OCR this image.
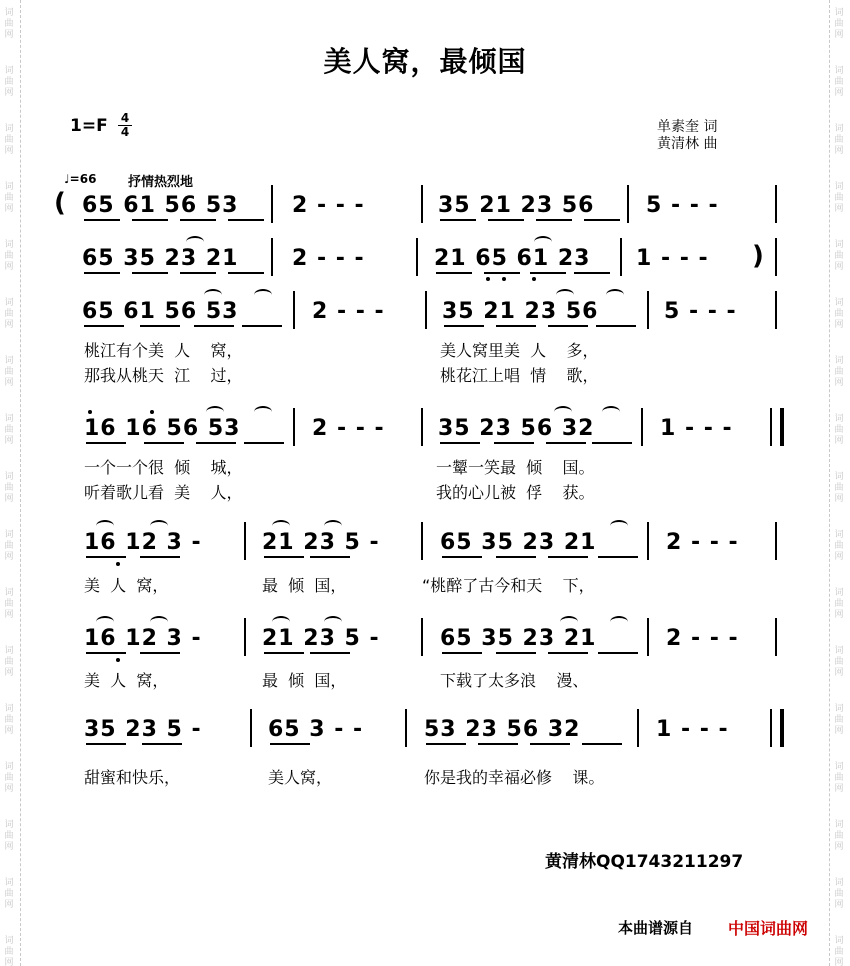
词
曲
网
词
曲
网
词
曲
网
词
曲
网
词
曲
网
词
曲
网
词
曲
网
词
曲
网
词
曲
网
词
曲
网
词
曲
网
词
曲
网
词
曲
网
词
曲
网
词
曲
网
词
曲
网
词
曲
网
词
曲
网
词
曲
网
词
曲
网
词
曲
网
词
曲
网
词
曲
网
词
曲
网
词
曲
网
词
曲
网
词
曲
网
词
曲
网
词
曲
网
词
曲
网
词
曲
网
词
曲
网
词
曲
网
词
曲
网
美人窝，最倾国
1=F 4
4	单素奎 词
黄清林 曲
♩=66 抒情热烈地
( 65 61 56 53 2 - - -	35 21 23 56 5 - - -
65 35 23 21 2 - - -	21 65 61 23 1 - - - )
65 61 56 53	2 - - -	35 21 23 56	5 - - -
桃江有个美  人    窝，	美人窝里美  人    多，
那我从桃天  江    过，	桃花江上唱  情    歌，
16 16 56 53	2 - - - 35 23 56 32	1 - - -
一个一个很  倾    城，	一颦一笑最  倾    国。
听着歌儿看  美    人，	我的心儿被  俘    获。
16 12 3 -	21 23 5 -	65 35 23 21	2 - - -
美  人  窝，	最  倾  国，	“桃醉了古今和天    下，
16 12 3 -	21 23 5 -	65 35 23 21	2 - - -
美  人  窝，	最  倾  国，	下载了太多浪    漫、
35 23 5 -	65 3 - -	53 23 56 32	1 - - -
甜蜜和快乐，	美人窝，	你是我的幸福必修    课。
黄清林QQ1743211297
本曲谱源自 中国词曲网
